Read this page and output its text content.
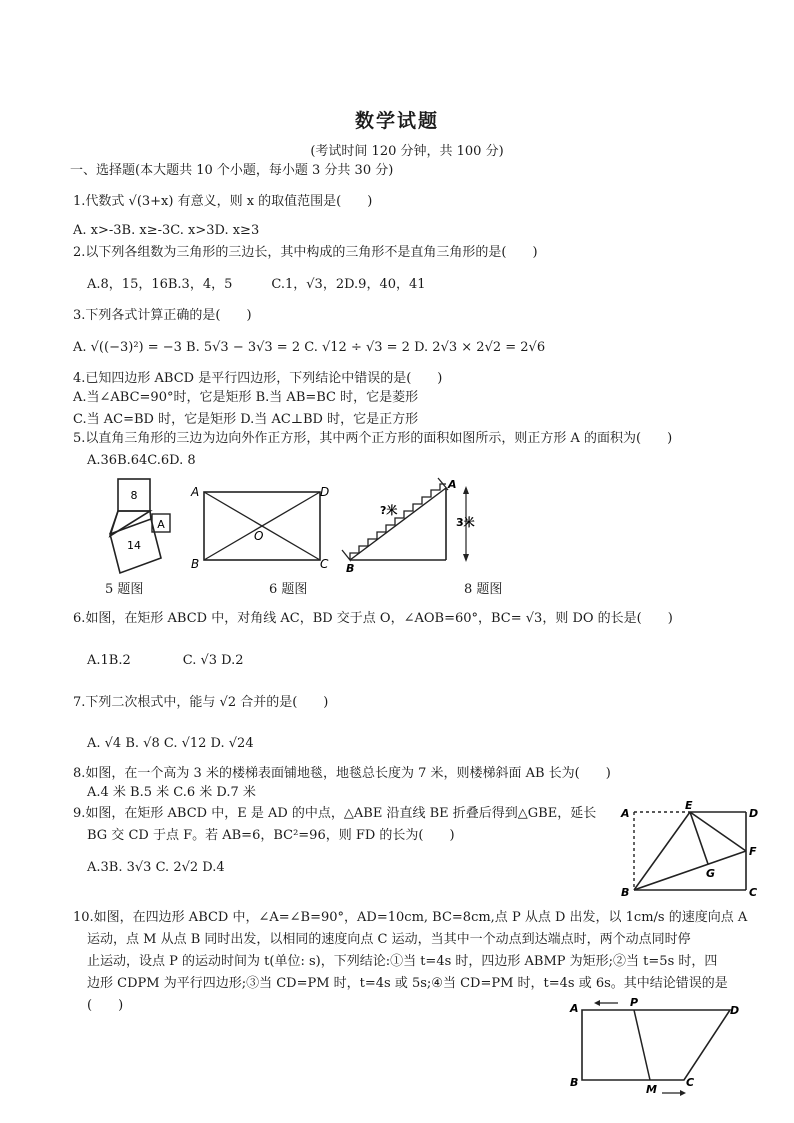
数学试题
(考试时间 120 分钟，共 100 分)
一、选择题(本大题共 10 个小题，每小题 3 分共 30 分)
1.代数式 √(3+x) 有意义，则 x 的取值范围是(　　)
A. x>-3B. x≥-3C. x>3D. x≥3
2.以下列各组数为三角形的三边长，其中构成的三角形不是直角三角形的是(　　)
A.8，15，16B.3，4，5　　　C.1，√3，2D.9，40，41
3.下列各式计算正确的是(　　)
A. √((−3)²) = −3 B. 5√3 − 3√3 = 2 C. √12 ÷ √3 = 2 D. 2√3 × 2√2 = 2√6
4.已知四边形 ABCD 是平行四边形，下列结论中错误的是(　　)
A.当∠ABC=90°时，它是矩形 B.当 AB=BC 时，它是菱形
C.当 AC=BD 时，它是矩形 D.当 AC⊥BD 时，它是正方形
5.以直角三角形的三边为边向外作正方形，其中两个正方形的面积如图所示，则正方形 A 的面积为(　　)
A.36B.64C.6D. 8
8
14
A
5 题图
A
B	C
D
O
6 题图
A
B
?米
3米
8 题图
6.如图，在矩形 ABCD 中，对角线 AC，BD 交于点 O，∠AOB=60°，BC= √3，则 DO 的长是(　　)
A.1B.2　　　　C. √3 D.2
7.下列二次根式中，能与 √2 合并的是(　　)
A. √4 B. √8 C. √12 D. √24
8.如图，在一个高为 3 米的楼梯表面铺地毯，地毯总长度为 7 米，则楼梯斜面 AB 长为(　　)
A.4 米 B.5 米 C.6 米 D.7 米
9.如图，在矩形 ABCD 中，E 是 AD 的中点，△ABE 沿直线 BE 折叠后得到△GBE，延长
BG 交 CD 于点 F。若 AB=6，BC²=96，则 FD 的长为(　　)
A.3B. 3√3 C. 2√2 D.4
A
B	C
D
E
F
G
10.如图，在四边形 ABCD 中，∠A=∠B=90°，AD=10cm, BC=8cm,点 P 从点 D 出发，以 1cm/s 的速度向点 A
运动，点 M 从点 B 同时出发，以相同的速度向点 C 运动，当其中一个动点到达端点时，两个动点同时停
止运动，设点 P 的运动时间为 t(单位: s)，下列结论:①当 t=4s 时，四边形 ABMP 为矩形;②当 t=5s 时，四
边形 CDPM 为平行四边形;③当 CD=PM 时，t=4s 或 5s;④当 CD=PM 时，t=4s 或 6s。其中结论错误的是
(　　)	A
B	C
D
P
M
